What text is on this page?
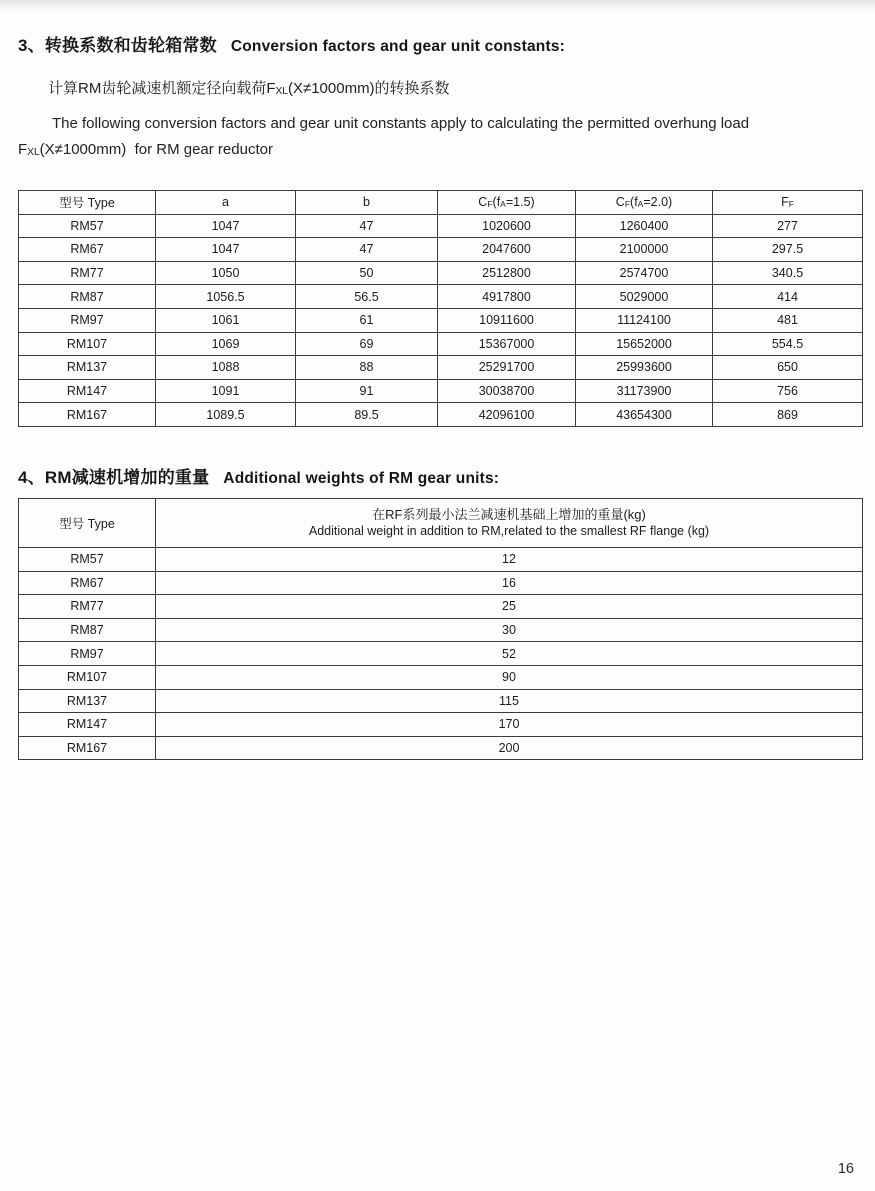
3、转换系数和齿轮箱常数 Conversion factors and gear unit constants:

计算RM齿轮减速机额定径向载荷FXL(X≠1000mm)的转换系数

The following conversion factors and gear unit constants apply to calculating the permitted overhung load
FXL(X≠1000mm)  for RM gear reductor

型号 Type	a	b	CF(fA=1.5)	CF(fA=2.0)	FF
RM57	1047	47	1020600	1260400	277
RM67	1047	47	2047600	2100000	297.5
RM77	1050	50	2512800	2574700	340.5
RM87	1056.5	56.5	4917800	5029000	414
RM97	1061	61	10911600	11124100	481
RM107	1069	69	15367000	15652000	554.5
RM137	1088	88	25291700	25993600	650
RM147	1091	91	30038700	31173900	756
RM167	1089.5	89.5	42096100	43654300	869
4、RM减速机增加的重量 Additional weights of RM gear units:
型号 Type	在RF系列最小法兰减速机基础上增加的重量(kg)
Additional weight in addition to RM,related to the smallest RF flange (kg)

RM57	12
RM67	16
RM77	25
RM87	30
RM97	52
RM107	90
RM137	115
RM147	170
RM167	200
16
